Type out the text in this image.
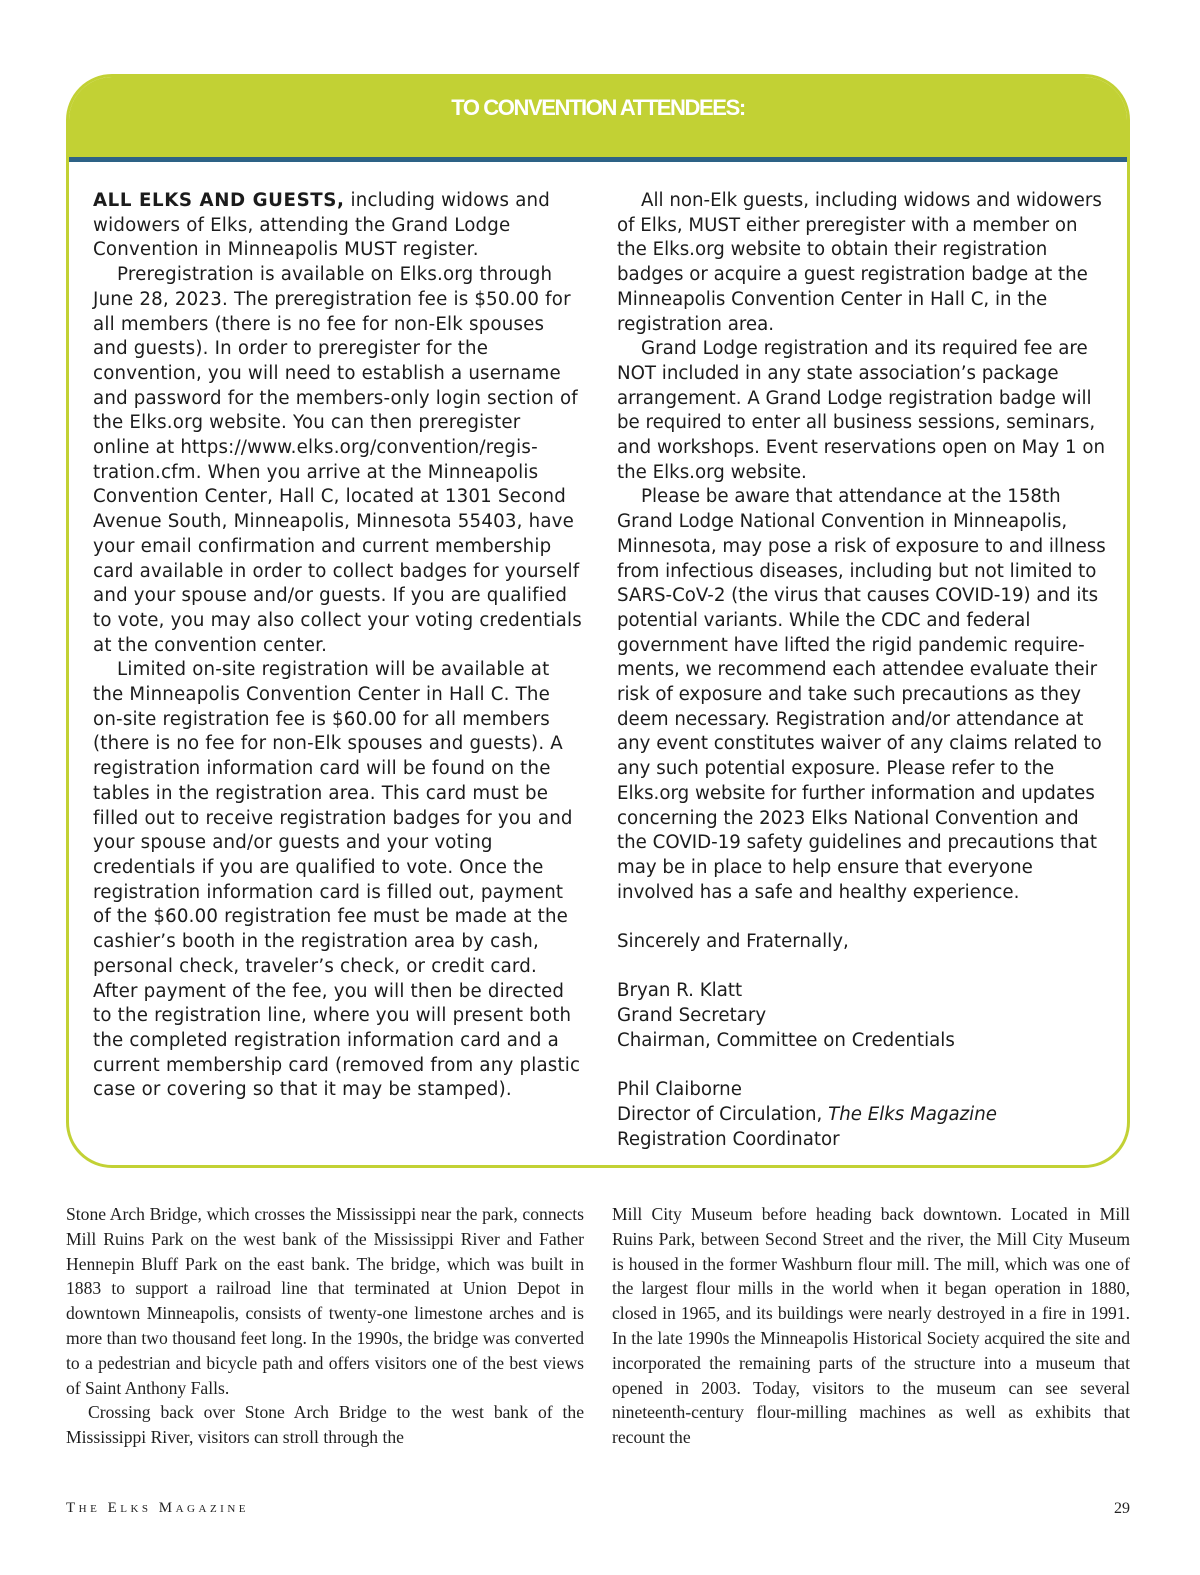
TO CONVENTION ATTENDEES:

ALL ELKS AND GUESTS, including widows and widowers of Elks, attending the Grand Lodge Convention in Minneapolis MUST register.

Preregistration is available on Elks.org through June 28, 2023. The preregistration fee is $50.00 for all members (there is no fee for non-Elk spouses and guests). In order to preregister for the convention, you will need to establish a username and password for the members-only login section of the Elks.org website. You can then preregister online at https://www.elks.org/convention/registration.cfm. When you arrive at the Minneapolis Convention Center, Hall C, located at 1301 Second Avenue South, Minneapolis, Minnesota 55403, have your email confirmation and current membership card available in order to collect badges for yourself and your spouse and/or guests. If you are qualified to vote, you may also collect your voting credentials at the convention center.

Limited on-site registration will be available at the Minneapolis Convention Center in Hall C. The on-site registration fee is $60.00 for all members (there is no fee for non-Elk spouses and guests). A registration information card will be found on the tables in the registration area. This card must be filled out to receive registration badges for you and your spouse and/or guests and your voting credentials if you are qualified to vote. Once the registration information card is filled out, payment of the $60.00 registration fee must be made at the cashier’s booth in the registration area by cash, personal check, traveler’s check, or credit card. After payment of the fee, you will then be directed to the registration line, where you will present both the completed registration information card and a current membership card (removed from any plastic case or covering so that it may be stamped).

All non-Elk guests, including widows and widowers of Elks, MUST either preregister with a member on the Elks.org website to obtain their registration badges or acquire a guest registration badge at the Minneapolis Convention Center in Hall C, in the registration area.

Grand Lodge registration and its required fee are NOT included in any state association’s package arrangement. A Grand Lodge registration badge will be required to enter all business sessions, seminars, and workshops. Event reservations open on May 1 on the Elks.org website.

Please be aware that attendance at the 158th Grand Lodge National Convention in Minneapolis, Minnesota, may pose a risk of exposure to and illness from infectious diseases, including but not limited to SARS-CoV-2 (the virus that causes COVID-19) and its potential variants. While the CDC and federal government have lifted the rigid pandemic requirements, we recommend each attendee evaluate their risk of exposure and take such precautions as they deem necessary. Registration and/or attendance at any event constitutes waiver of any claims related to any such potential exposure. Please refer to the Elks.org website for further information and updates concerning the 2023 Elks National Convention and the COVID-19 safety guidelines and precautions that may be in place to help ensure that everyone involved has a safe and healthy experience.

Sincerely and Fraternally,

Bryan R. Klatt

Grand Secretary

Chairman, Committee on Credentials

Phil Claiborne

Director of Circulation, The Elks Magazine

Registration Coordinator

Stone Arch Bridge, which crosses the Mississippi near the park, connects Mill Ruins Park on the west bank of the Mississippi River and Father Hennepin Bluff Park on the east bank. The bridge, which was built in 1883 to support a railroad line that terminated at Union Depot in downtown Minneapolis, consists of twenty-one limestone arches and is more than two thousand feet long. In the 1990s, the bridge was converted to a pedestrian and bicycle path and offers visitors one of the best views of Saint Anthony Falls.

Crossing back over Stone Arch Bridge to the west bank of the Mississippi River, visitors can stroll through the

Mill City Museum before heading back downtown. Located in Mill Ruins Park, between Second Street and the river, the Mill City Museum is housed in the former Washburn flour mill. The mill, which was one of the largest flour mills in the world when it began operation in 1880, closed in 1965, and its buildings were nearly destroyed in a fire in 1991. In the late 1990s the Minneapolis Historical Society acquired the site and incorporated the remaining parts of the structure into a museum that opened in 2003. Today, visitors to the museum can see several nineteenth-century flour-milling machines as well as exhibits that recount the

The Elks Magazine	29
